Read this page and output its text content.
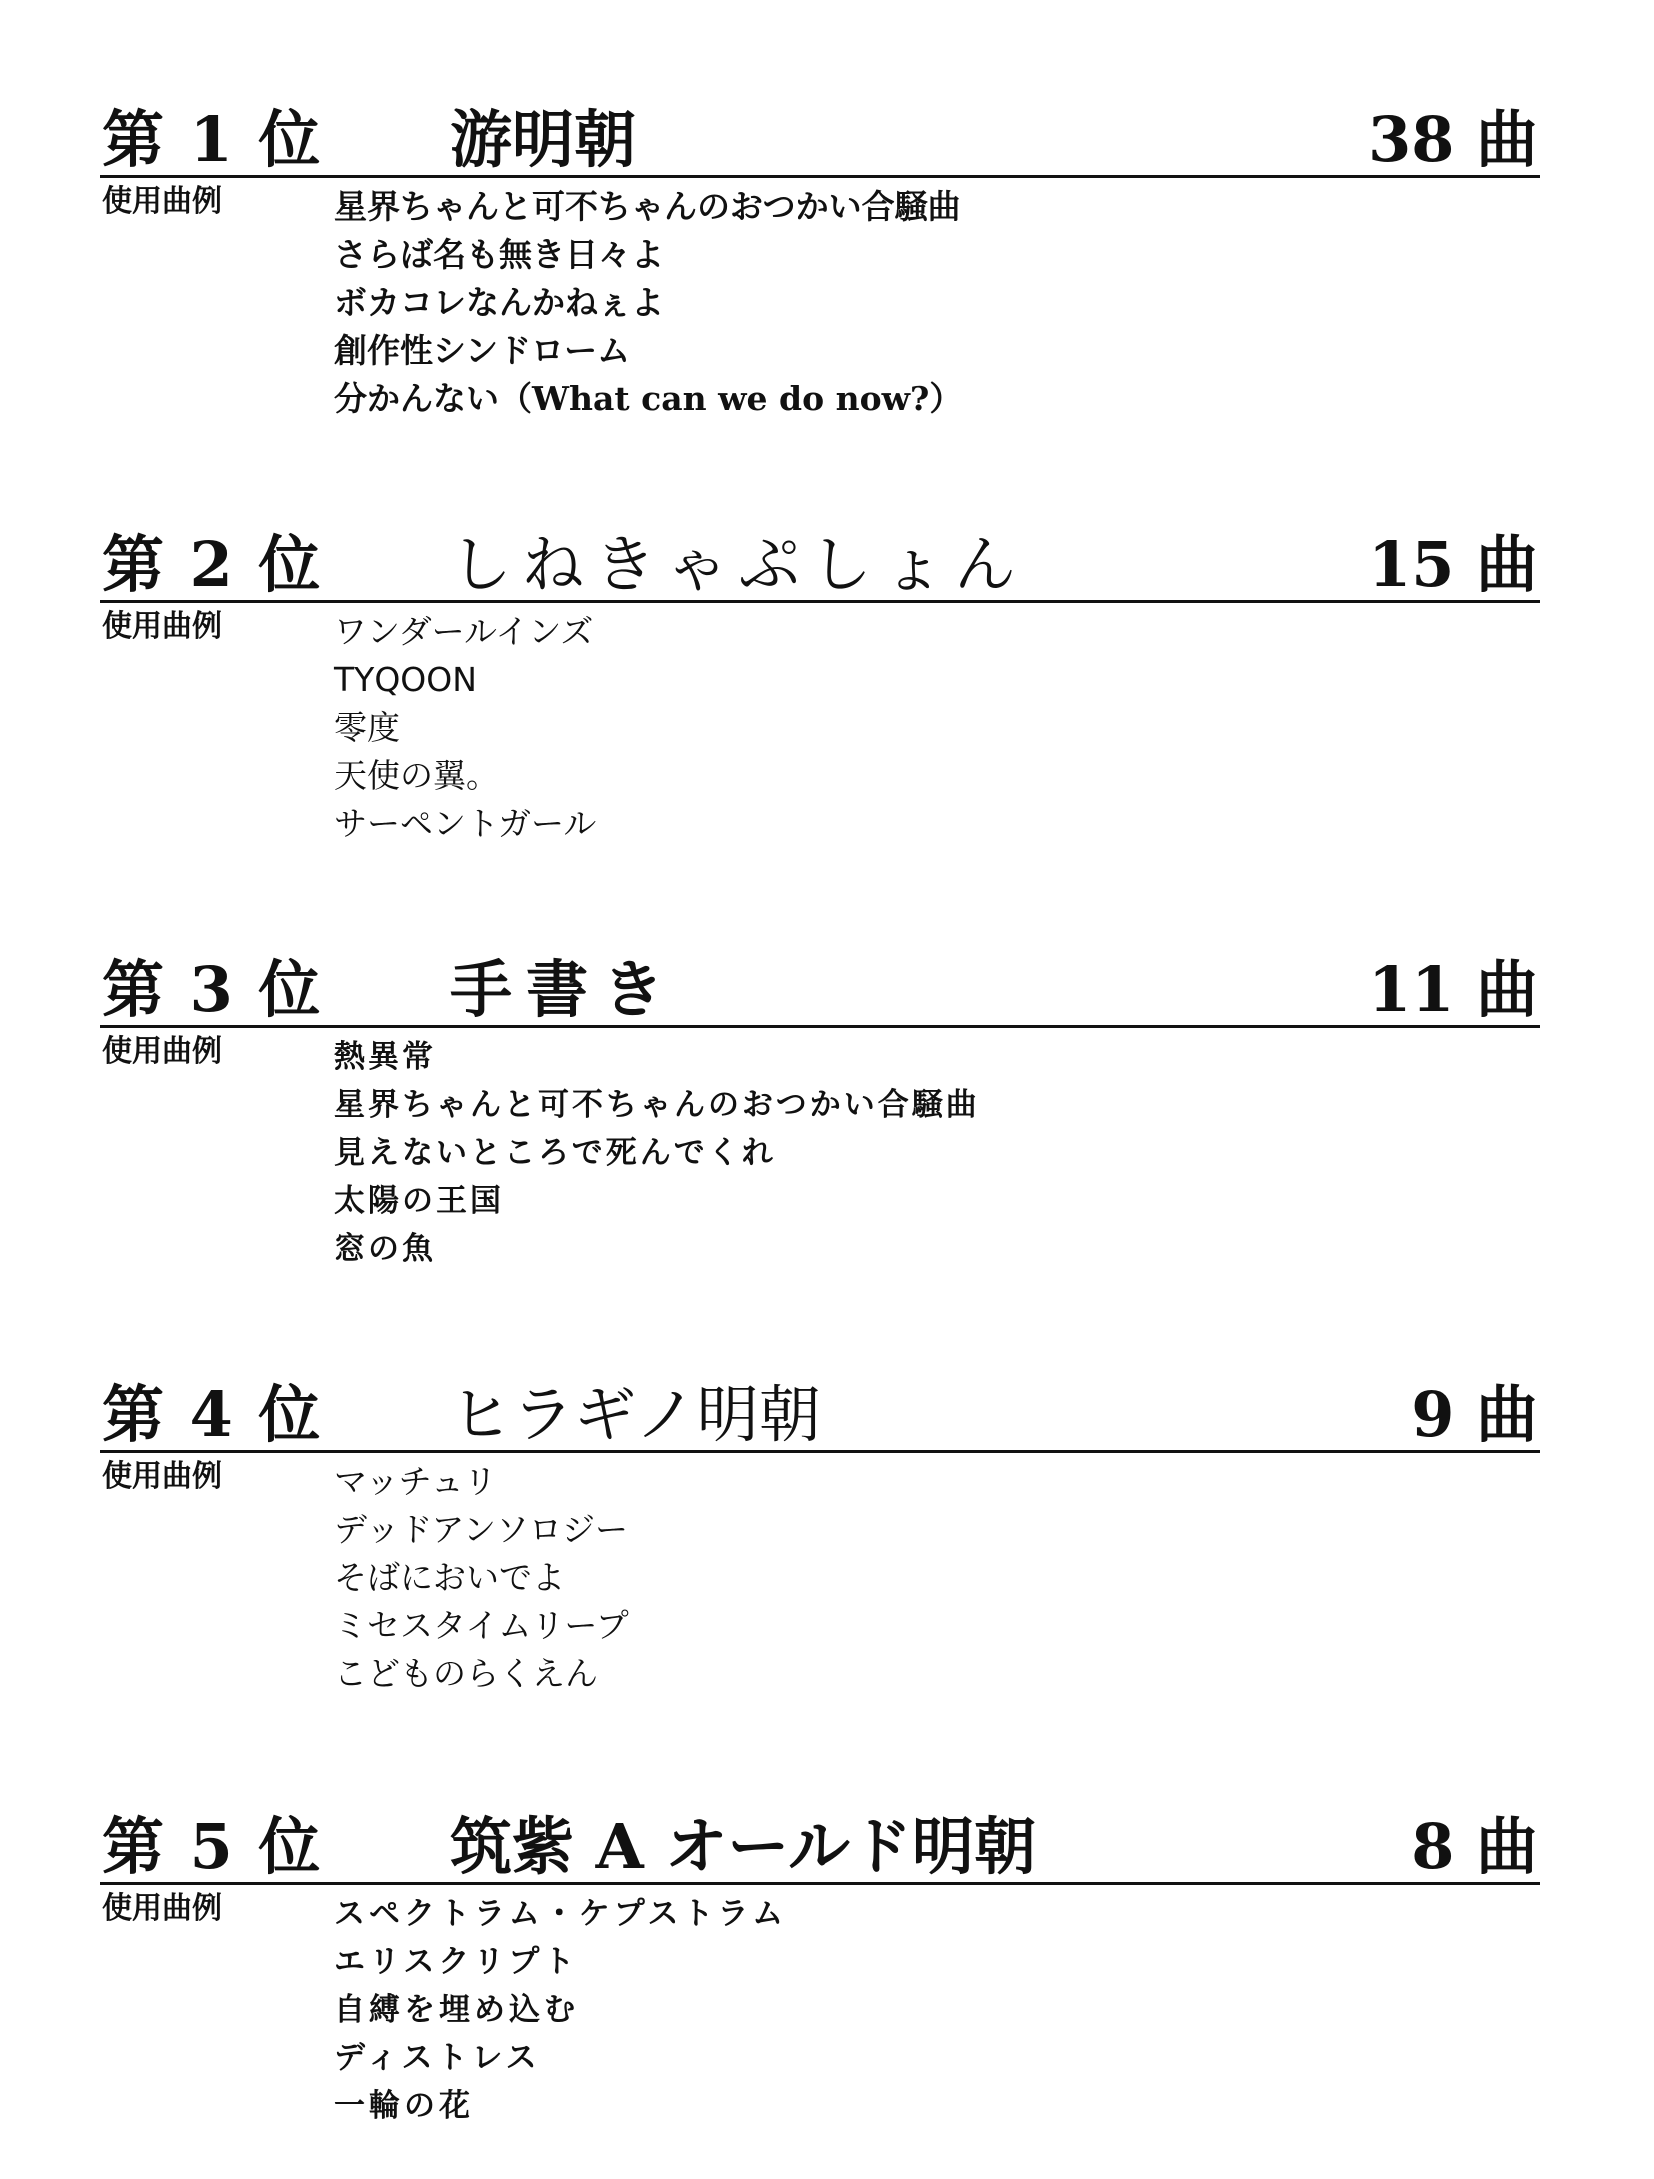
第 1 位 游明朝	38 曲
使用曲例	星界ちゃんと可不ちゃんのおつかい合騒曲
さらば名も無き日々よ
ボカコレなんかねぇよ
創作性シンドローム
分かんない（What can we do now?）
第 2 位 しねきゃぷしょん	15 曲
使用曲例	ワンダールインズ
TYQOON
零度
天使の翼。
サーペントガール
第 3 位 手書き	11 曲
使用曲例	熱異常
星界ちゃんと可不ちゃんのおつかい合騒曲
見えないところで死んでくれ
太陽の王国
窓の魚
第 4 位 ヒラギノ明朝	9 曲
使用曲例	マッチュリ
デッドアンソロジー
そばにおいでよ
ミセスタイムリープ
こどものらくえん
第 5 位 筑紫 A オールド明朝	8 曲
使用曲例	スペクトラム・ケプストラム
エリスクリプト
自縛を埋め込む
ディストレス
一輪の花
